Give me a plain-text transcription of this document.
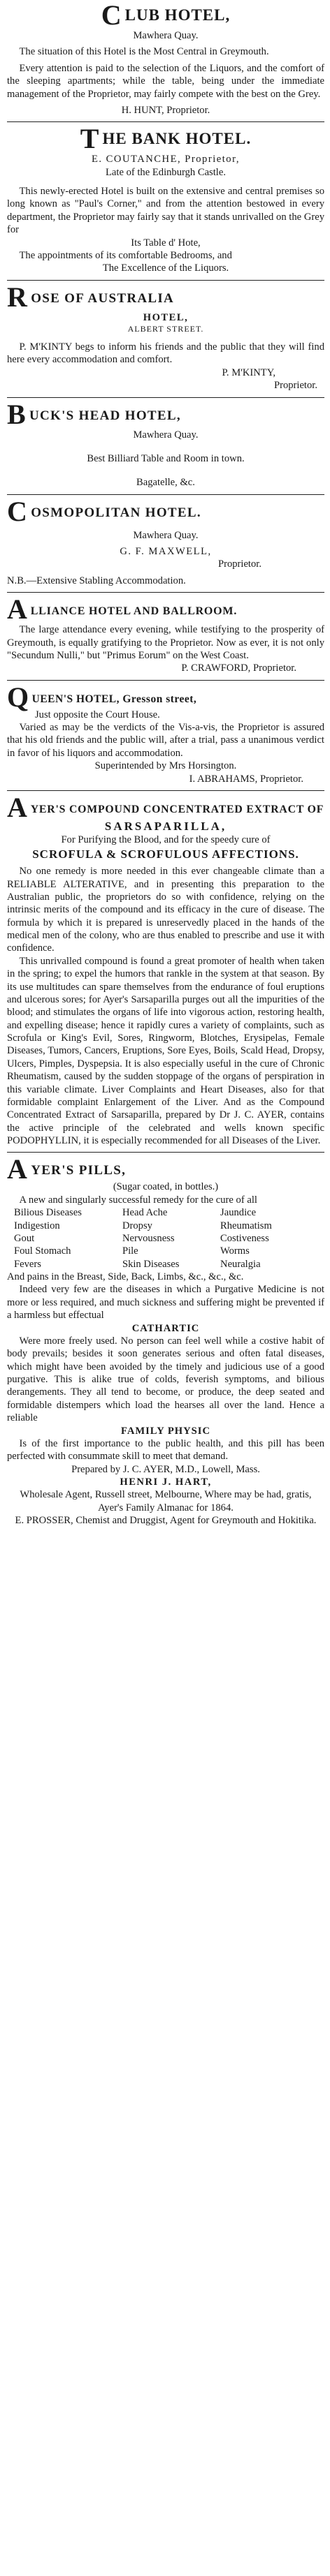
CLUB HOTEL,

Mawhera Quay.

The situation of this Hotel is the Most Central in Greymouth.

Every attention is paid to the selection of the Liquors, and the comfort of the sleeping apartments; while the table, being under the immediate management of the Proprietor, may fairly compete with the best on the Grey.

H. HUNT, Proprietor.

THE BANK HOTEL.

E. COUTANCHE, Proprietor,

Late of the Edinburgh Castle.

This newly-erected Hotel is built on the extensive and central premises so long known as "Paul's Corner," and from the attention bestowed in every department, the Proprietor may fairly say that it stands unrivalled on the Grey for

Its Table d' Hote,

The appointments of its comfortable Bedrooms, and

The Excellence of the Liquors.

ROSE OF AUSTRALIA

HOTEL,

ALBERT STREET.

P. M'KINTY begs to inform his friends and the public that they will find here every accommodation and comfort.

P. M'KINTY,

Proprietor.

BUCK'S HEAD HOTEL,

Mawhera Quay.

Best Billiard Table and Room in town.

Bagatelle, &c.

COSMOPOLITAN HOTEL.

Mawhera Quay.

G. F. MAXWELL,

Proprietor.

N.B.—Extensive Stabling Accommodation.

ALLIANCE HOTEL AND BALLROOM.

The large attendance every evening, while testifying to the prosperity of Greymouth, is equally gratifying to the Proprietor. Now as ever, it is not only "Secundum Nulli," but "Primus Eorum" on the West Coast.

P. CRAWFORD, Proprietor.

QUEEN'S HOTEL, Gresson street,

Just opposite the Court House.

Varied as may be the verdicts of the Vis-a-vis, the Proprietor is assured that his old friends and the public will, after a trial, pass a unanimous verdict in favor of his liquors and accommodation.

Superintended by Mrs Horsington.

I. ABRAHAMS, Proprietor.

AYER'S COMPOUND CONCENTRATED EXTRACT OF

SARSAPARILLA,

For Purifying the Blood, and for the speedy cure of

SCROFULA & SCROFULOUS AFFECTIONS.

No one remedy is more needed in this ever changeable climate than a RELIABLE ALTERATIVE, and in presenting this preparation to the Australian public, the proprietors do so with confidence, relying on the intrinsic merits of the compound and its efficacy in the cure of disease. The formula by which it is prepared is unreservedly placed in the hands of the medical men of the colony, who are thus enabled to prescribe and use it with confidence.

This unrivalled compound is found a great promoter of health when taken in the spring; to expel the humors that rankle in the system at that season. By its use multitudes can spare themselves from the endurance of foul eruptions and ulcerous sores; for Ayer's Sarsaparilla purges out all the impurities of the blood; and stimulates the organs of life into vigorous action, restoring health, and expelling disease; hence it rapidly cures a variety of complaints, such as Scrofula or King's Evil, Sores, Ringworm, Blotches, Erysipelas, Female Diseases, Tumors, Cancers, Eruptions, Sore Eyes, Boils, Scald Head, Dropsy, Ulcers, Pimples, Dyspepsia. It is also especially useful in the cure of Chronic Rheumatism, caused by the sudden stoppage of the organs of perspiration in this variable climate. Liver Complaints and Heart Diseases, also for that formidable complaint Enlargement of the Liver. And as the Compound Concentrated Extract of Sarsaparilla, prepared by Dr J. C. AYER, contains the active principle of the celebrated and wells known specific PODOPHYLLIN, it is especially recommended for all Diseases of the Liver.

AYER'S PILLS,

(Sugar coated, in bottles.)

A new and singularly successful remedy for the cure of all

Bilious Diseases	Head Ache	Jaundice
Indigestion	Dropsy	Rheumatism
Gout	Nervousness	Costiveness
Foul Stomach	Pile	Worms
Fevers	Skin Diseases	Neuralgia

And pains in the Breast, Side, Back, Limbs, &c., &c., &c.

Indeed very few are the diseases in which a Purgative Medicine is not more or less required, and much sickness and suffering might be prevented if a harmless but effectual

CATHARTIC

Were more freely used. No person can feel well while a costive habit of body prevails; besides it soon generates serious and often fatal diseases, which might have been avoided by the timely and judicious use of a good purgative. This is alike true of colds, feverish symptoms, and bilious derangements. They all tend to become, or produce, the deep seated and formidable distempers which load the hearses all over the land. Hence a reliable

FAMILY PHYSIC

Is of the first importance to the public health, and this pill has been perfected with consummate skill to meet that demand.

Prepared by J. C. AYER, M.D., Lowell, Mass.

HENRI J. HART,

Wholesale Agent, Russell street, Melbourne, Where may be had, gratis, Ayer's Family Almanac for 1864.

E. PROSSER, Chemist and Druggist, Agent for Greymouth and Hokitika.
